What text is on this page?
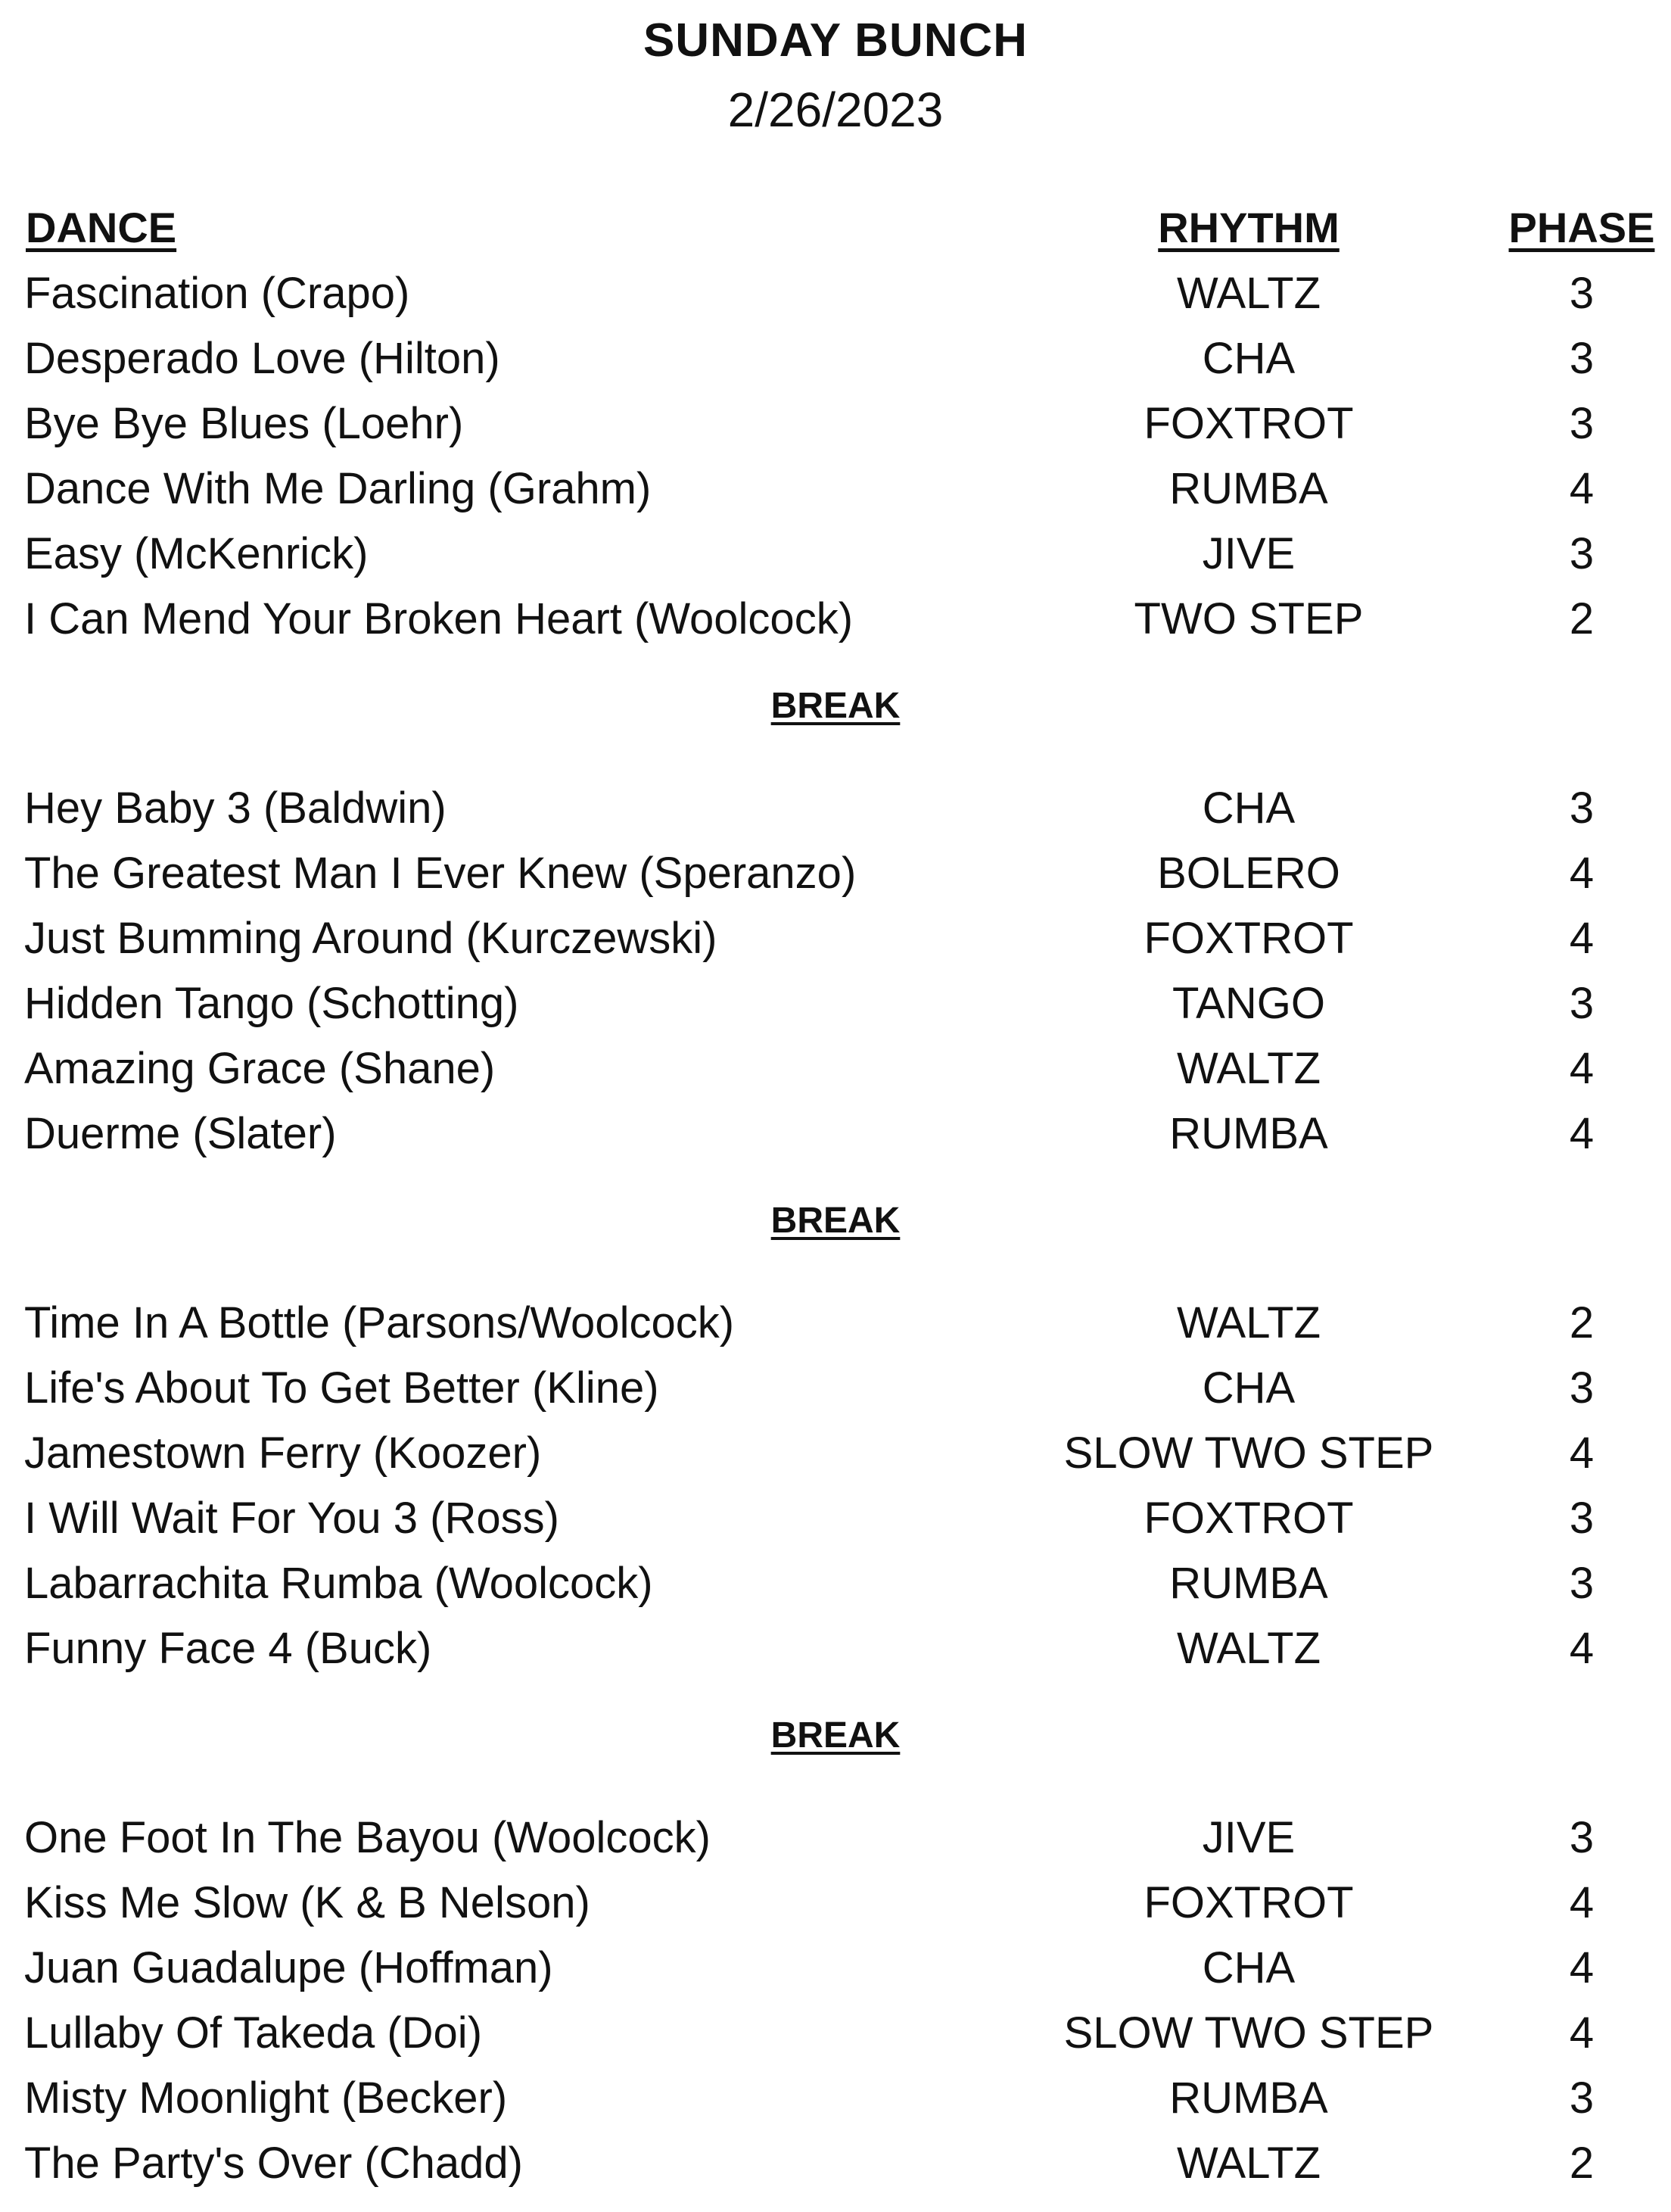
SUNDAY BUNCH
2/26/2023
DANCE	RHYTHM	PHASE
Fascination (Crapo)	WALTZ	3
Desperado Love (Hilton)	CHA	3
Bye Bye Blues (Loehr)	FOXTROT	3
Dance With Me Darling (Grahm)	RUMBA	4
Easy (McKenrick)	JIVE	3
I Can Mend Your Broken Heart (Woolcock)	TWO STEP	2
BREAK
Hey Baby 3 (Baldwin)	CHA	3
The Greatest Man I Ever Knew (Speranzo)	BOLERO	4
Just Bumming Around (Kurczewski)	FOXTROT	4
Hidden Tango (Schotting)	TANGO	3
Amazing Grace (Shane)	WALTZ	4
Duerme (Slater)	RUMBA	4
BREAK
Time In A Bottle (Parsons/Woolcock)	WALTZ	2
Life's About To Get Better (Kline)	CHA	3
Jamestown Ferry (Koozer)	SLOW TWO STEP	4
I Will Wait For You 3 (Ross)	FOXTROT	3
Labarrachita Rumba (Woolcock)	RUMBA	3
Funny Face 4 (Buck)	WALTZ	4
BREAK
One Foot In The Bayou (Woolcock)	JIVE	3
Kiss Me Slow (K & B Nelson)	FOXTROT	4
Juan Guadalupe (Hoffman)	CHA	4
Lullaby Of Takeda (Doi)	SLOW TWO STEP	4
Misty Moonlight (Becker)	RUMBA	3
The Party's Over (Chadd)	WALTZ	2
